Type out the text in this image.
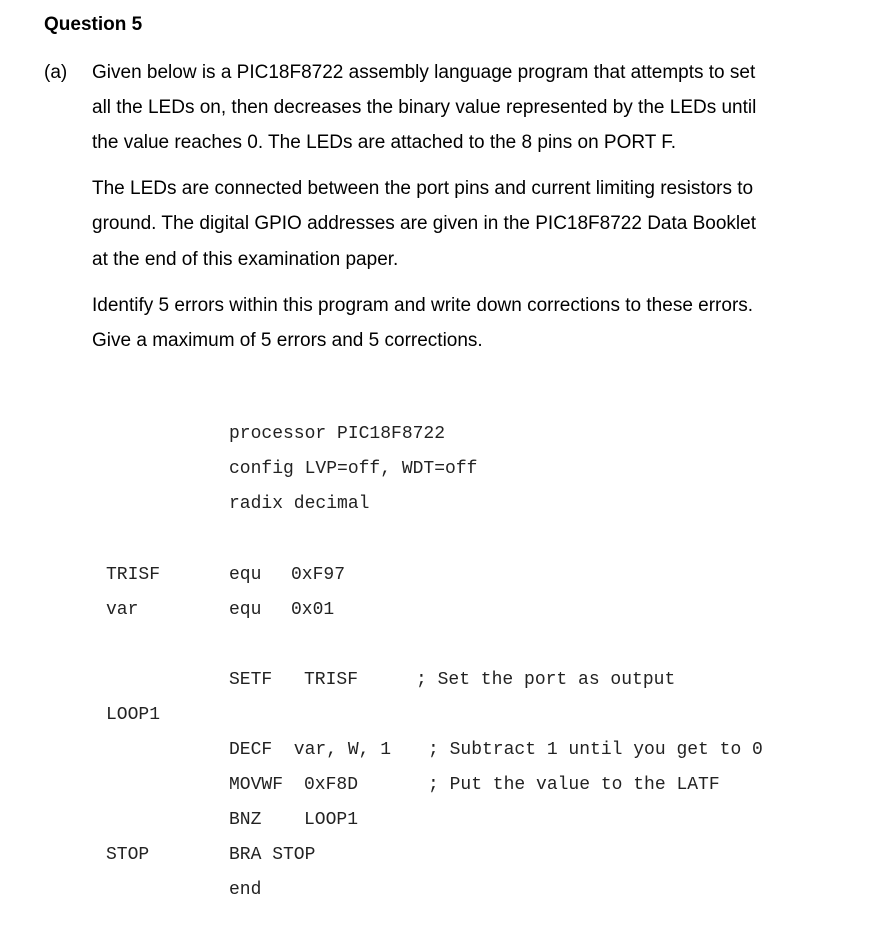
Question 5
(a) Given below is a PIC18F8722 assembly language program that attempts to set
all the LEDs on, then decreases the binary value represented by the LEDs until
the value reaches 0. The LEDs are attached to the 8 pins on PORT F.
The LEDs are connected between the port pins and current limiting resistors to
ground. The digital GPIO addresses are given in the PIC18F8722 Data Booklet
at the end of this examination paper.
Identify 5 errors within this program and write down corrections to these errors.
Give a maximum of 5 errors and 5 corrections.
processor PIC18F8722
config LVP=off, WDT=off
radix decimal
TRISF	equ 0xF97
var	equ 0x01
SETF TRISF	; Set the port as output
LOOP1
DECF  var, W, 1 ; Subtract 1 until you get to 0
MOVWF 0xF8D	; Put the value to the LATF
BNZ LOOP1
STOP	BRA STOP
end
